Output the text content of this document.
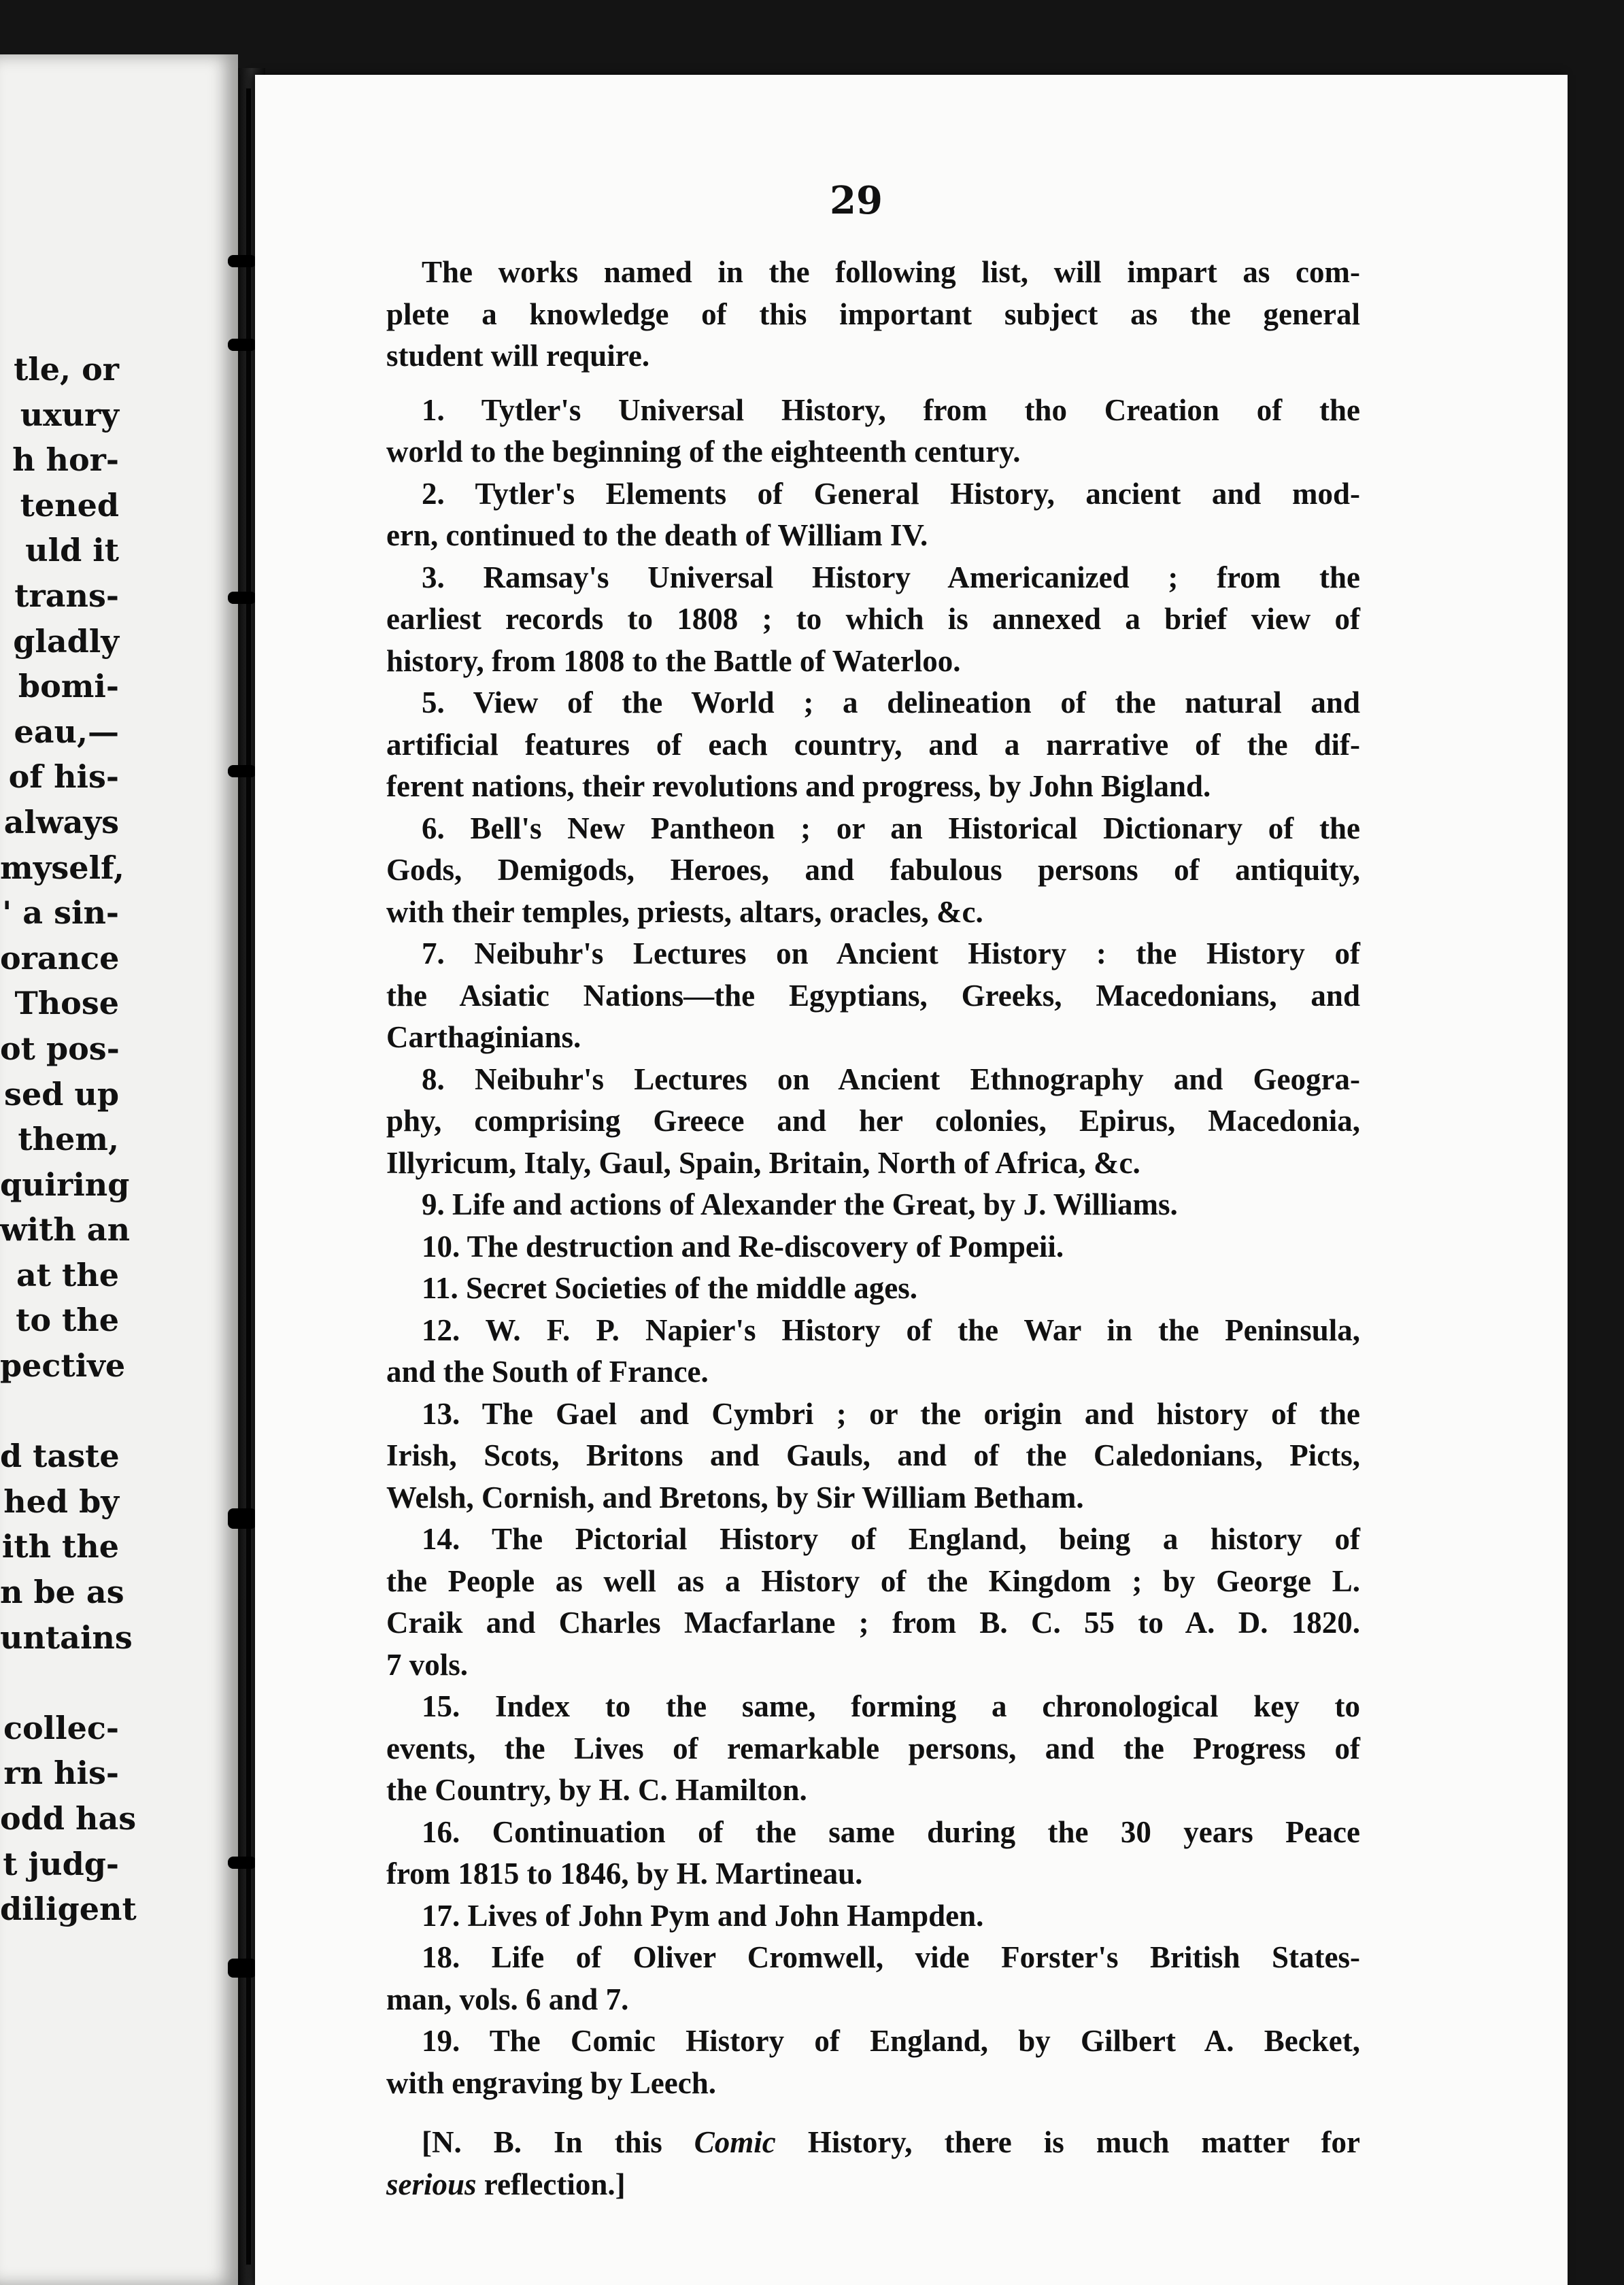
tle, or
uxury
h hor-
tened
uld it
trans-
gladly
bomi-
eau,—
of his-
always
myself,
' a sin-
orance
Those
ot pos-
sed up
them,
quiring
with an
at the
to the
pective
d taste
hed by
ith the
n be as
untains
collec-
rn his-
odd has
t judg-
diligent
29
The works named in the following list, will impart as com-
plete a knowledge of this important subject as the general
student will require.
1. Tytler's Universal History, from tho Creation of the
world to the beginning of the eighteenth century.
2. Tytler's Elements of General History, ancient and mod-
ern, continued to the death of William IV.
3. Ramsay's Universal History Americanized ; from the
earliest records to 1808 ; to which is annexed a brief view of
history, from 1808 to the Battle of Waterloo.
5. View of the World ; a delineation of the natural and
artificial features of each country, and a narrative of the dif-
ferent nations, their revolutions and progress, by John Bigland.
6. Bell's New Pantheon ; or an Historical Dictionary of the
Gods, Demigods, Heroes, and fabulous persons of antiquity,
with their temples, priests, altars, oracles, &c.
7. Neibuhr's Lectures on Ancient History : the History of
the Asiatic Nations—the Egyptians, Greeks, Macedonians, and
Carthaginians.
8. Neibuhr's Lectures on Ancient Ethnography and Geogra-
phy, comprising Greece and her colonies, Epirus, Macedonia,
Illyricum, Italy, Gaul, Spain, Britain, North of Africa, &c.
9. Life and actions of Alexander the Great, by J. Williams.
10. The destruction and Re-discovery of Pompeii.
11. Secret Societies of the middle ages.
12. W. F. P. Napier's History of the War in the Peninsula,
and the South of France.
13. The Gael and Cymbri ; or the origin and history of the
Irish, Scots, Britons and Gauls, and of the Caledonians, Picts,
Welsh, Cornish, and Bretons, by Sir William Betham.
14. The Pictorial History of England, being a history of
the People as well as a History of the Kingdom ; by George L.
Craik and Charles Macfarlane ; from B. C. 55 to A. D. 1820.
7 vols.
15. Index to the same, forming a chronological key to
events, the Lives of remarkable persons, and the Progress of
the Country, by H. C. Hamilton.
16. Continuation of the same during the 30 years Peace
from 1815 to 1846, by H. Martineau.
17. Lives of John Pym and John Hampden.
18. Life of Oliver Cromwell, vide Forster's British States-
man, vols. 6 and 7.
19. The Comic History of England, by Gilbert A. Becket,
with engraving by Leech.
[N. B. In this Comic History, there is much matter for
serious reflection.]
